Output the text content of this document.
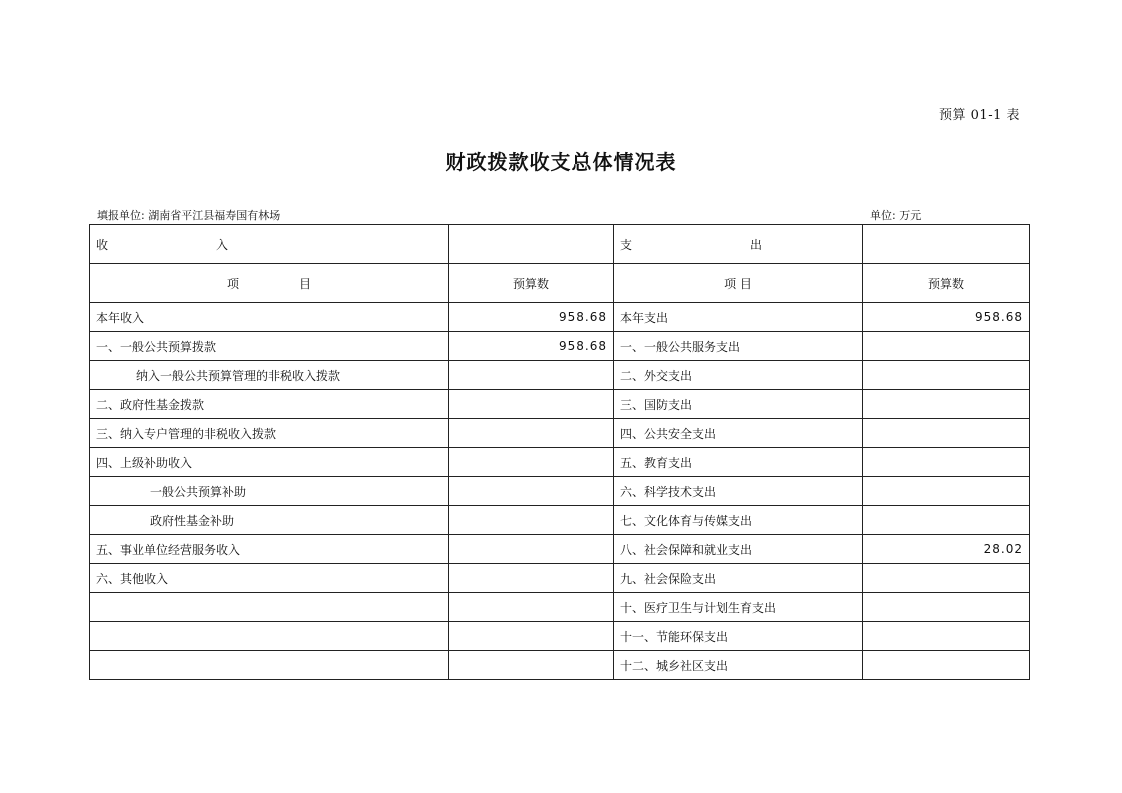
预算 01-1 表
财政拨款收支总体情况表
填报单位: 湖南省平江县福寿国有林场	单位: 万元
收 入		支 出	
项 目	预算数	项 目	预算数
本年收入	958.68	本年支出	958.68
一、一般公共预算拨款	958.68	一、一般公共服务支出	
纳入一般公共预算管理的非税收入拨款		二、外交支出	
二、政府性基金拨款		三、国防支出	
三、纳入专户管理的非税收入拨款		四、公共安全支出	
四、上级补助收入		五、教育支出	
一般公共预算补助		六、科学技术支出	
政府性基金补助		七、文化体育与传媒支出	
五、事业单位经营服务收入		八、社会保障和就业支出	28.02
六、其他收入		九、社会保险支出	
		十、医疗卫生与计划生育支出	
		十一、节能环保支出	
		十二、城乡社区支出	
